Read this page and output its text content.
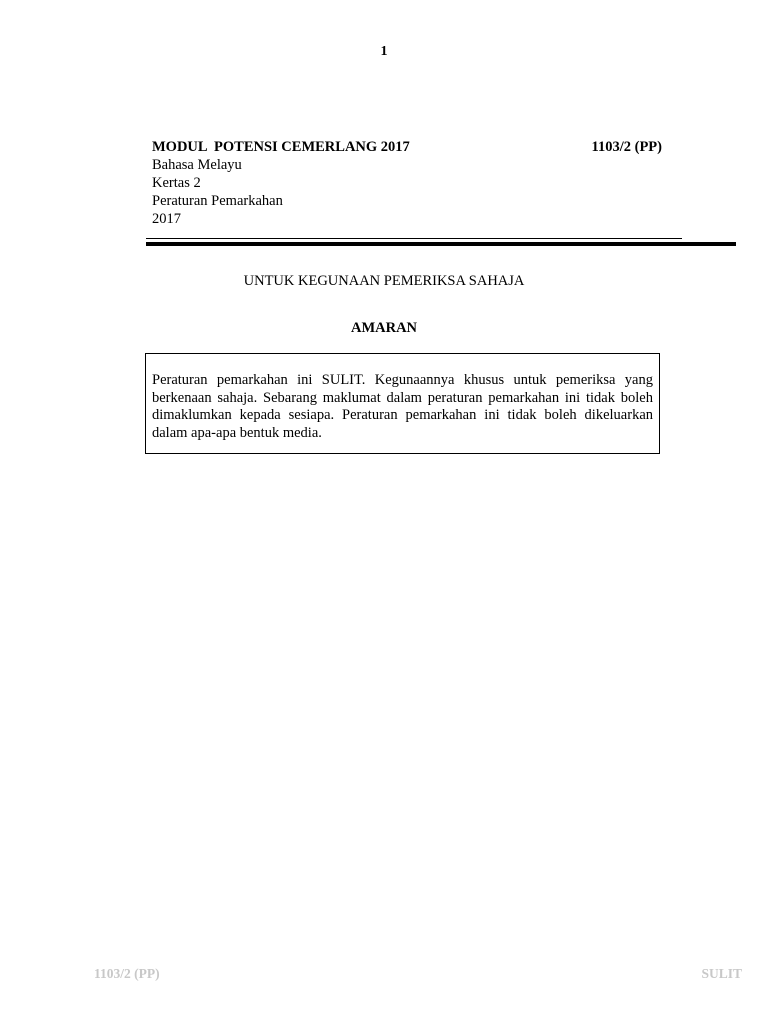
1
MODUL  POTENSI CEMERLANG 2017	1103/2 (PP)
Bahasa Melayu
Kertas 2
Peraturan Pemarkahan
2017
UNTUK KEGUNAAN PEMERIKSA SAHAJA
AMARAN

Peraturan pemarkahan ini SULIT. Kegunaannya khusus untuk pemeriksa yang berkenaan sahaja. Sebarang maklumat dalam peraturan pemarkahan ini tidak boleh dimaklumkan kepada sesiapa. Peraturan pemarkahan ini tidak boleh dikeluarkan dalam apa-apa bentuk media.

1103/2 (PP)	SULIT
